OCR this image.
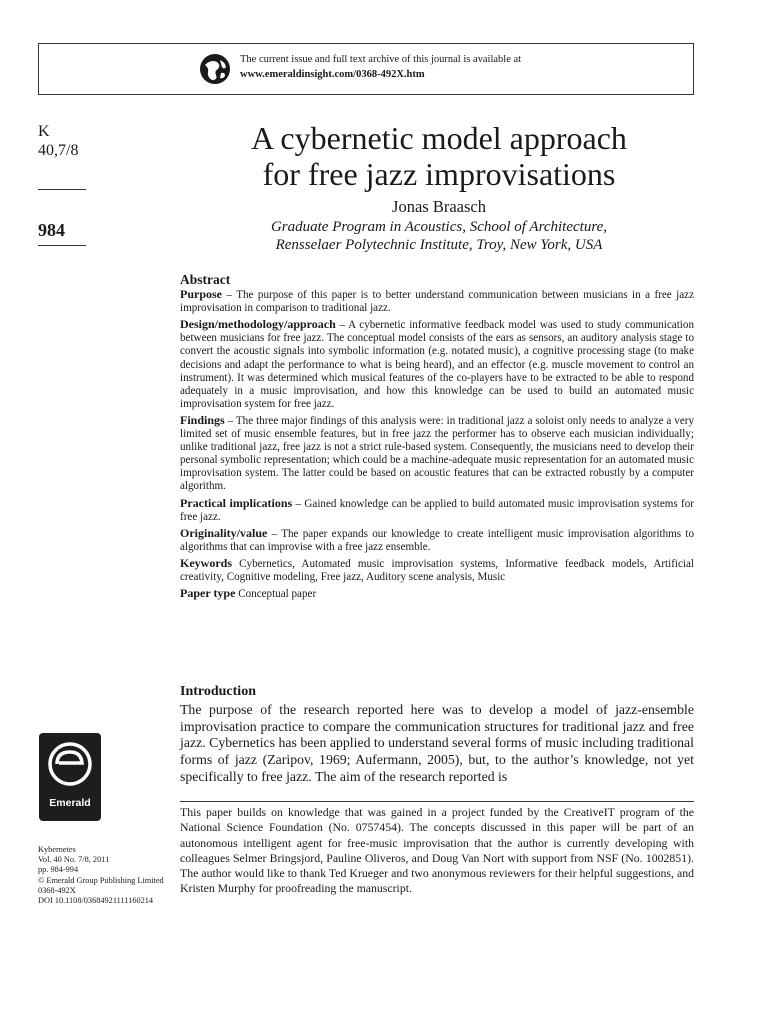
The current issue and full text archive of this journal is available at
www.emeraldinsight.com/0368-492X.htm
K
40,7/8
984
A cybernetic model approach
for free jazz improvisations
Jonas Braasch
Graduate Program in Acoustics, School of Architecture,
Rensselaer Polytechnic Institute, Troy, New York, USA
Abstract

Purpose – The purpose of this paper is to better understand communication between musicians in a free jazz improvisation in comparison to traditional jazz.

Design/methodology/approach – A cybernetic informative feedback model was used to study communication between musicians for free jazz. The conceptual model consists of the ears as sensors, an auditory analysis stage to convert the acoustic signals into symbolic information (e.g. notated music), a cognitive processing stage (to make decisions and adapt the performance to what is being heard), and an effector (e.g. muscle movement to control an instrument). It was determined which musical features of the co-players have to be extracted to be able to respond adequately in a music improvisation, and how this knowledge can be used to build an automated music improvisation system for free jazz.

Findings – The three major findings of this analysis were: in traditional jazz a soloist only needs to analyze a very limited set of music ensemble features, but in free jazz the performer has to observe each musician individually; unlike traditional jazz, free jazz is not a strict rule-based system. Consequently, the musicians need to develop their personal symbolic representation; which could be a machine-adequate music representation for an automated music improvisation system. The latter could be based on acoustic features that can be extracted robustly by a computer algorithm.

Practical implications – Gained knowledge can be applied to build automated music improvisation systems for free jazz.

Originality/value – The paper expands our knowledge to create intelligent music improvisation algorithms to algorithms that can improvise with a free jazz ensemble.

Keywords Cybernetics, Automated music improvisation systems, Informative feedback models, Artificial creativity, Cognitive modeling, Free jazz, Auditory scene analysis, Music

Paper type Conceptual paper

Introduction

The purpose of the research reported here was to develop a model of jazz-ensemble improvisation practice to compare the communication structures for traditional jazz and free jazz. Cybernetics has been applied to understand several forms of music including traditional forms of jazz (Zaripov, 1969; Aufermann, 2005), but, to the author’s knowledge, not yet specifically to free jazz. The aim of the research reported is

This paper builds on knowledge that was gained in a project funded by the CreativeIT program of the National Science Foundation (No. 0757454). The concepts discussed in this paper will be part of an autonomous intelligent agent for free-music improvisation that the author is currently developing with colleagues Selmer Bringsjord, Pauline Oliveros, and Doug Van Nort with support from NSF (No. 1002851). The author would like to thank Ted Krueger and two anonymous reviewers for their helpful suggestions, and Kristen Murphy for proofreading the manuscript.
Emerald
Kybernetes
Vol. 40 No. 7/8, 2011
pp. 984-994
© Emerald Group Publishing Limited
0368-492X
DOI 10.1108/03684921111160214
